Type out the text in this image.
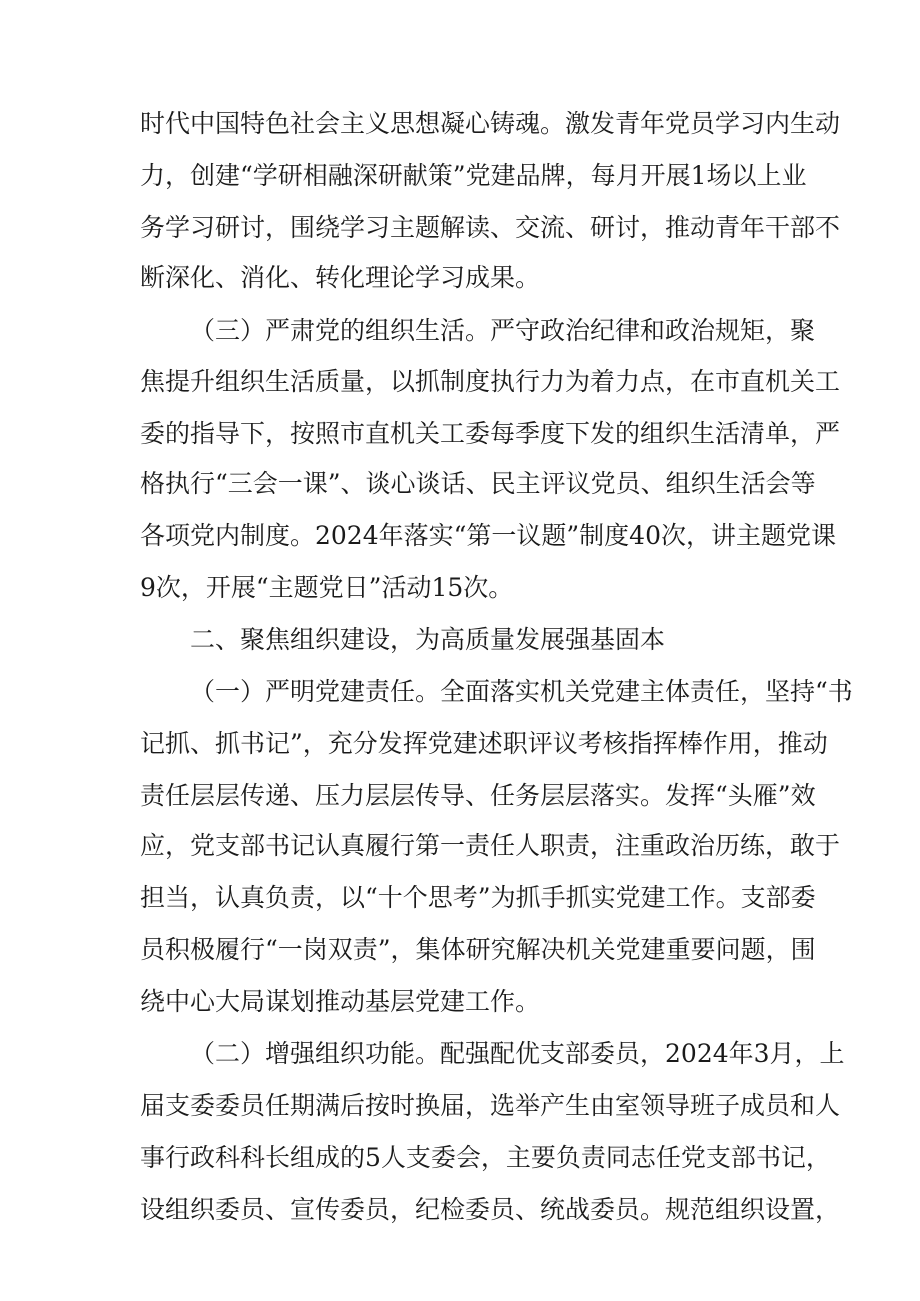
时代中国特色社会主义思想凝心铸魂。激发青年党员学习内生动
力，创建“学研相融深研献策”党建品牌，每月开展1场以上业
务学习研讨，围绕学习主题解读、交流、研讨，推动青年干部不
断深化、消化、转化理论学习成果。
（三）严肃党的组织生活。严守政治纪律和政治规矩，聚
焦提升组织生活质量，以抓制度执行力为着力点，在市直机关工
委的指导下，按照市直机关工委每季度下发的组织生活清单，严
格执行“三会一课”、谈心谈话、民主评议党员、组织生活会等
各项党内制度。2024年落实“第一议题”制度40次，讲主题党课
9次，开展“主题党日”活动15次。
二、聚焦组织建设，为高质量发展强基固本
（一）严明党建责任。全面落实机关党建主体责任，坚持“书
记抓、抓书记”，充分发挥党建述职评议考核指挥棒作用，推动
责任层层传递、压力层层传导、任务层层落实。发挥“头雁”效
应，党支部书记认真履行第一责任人职责，注重政治历练，敢于
担当，认真负责，以“十个思考”为抓手抓实党建工作。支部委
员积极履行“一岗双责”，集体研究解决机关党建重要问题，围
绕中心大局谋划推动基层党建工作。
（二）增强组织功能。配强配优支部委员，2024年3月，上
届支委委员任期满后按时换届，选举产生由室领导班子成员和人
事行政科科长组成的5人支委会，主要负责同志任党支部书记，
设组织委员、宣传委员，纪检委员、统战委员。规范组织设置，
